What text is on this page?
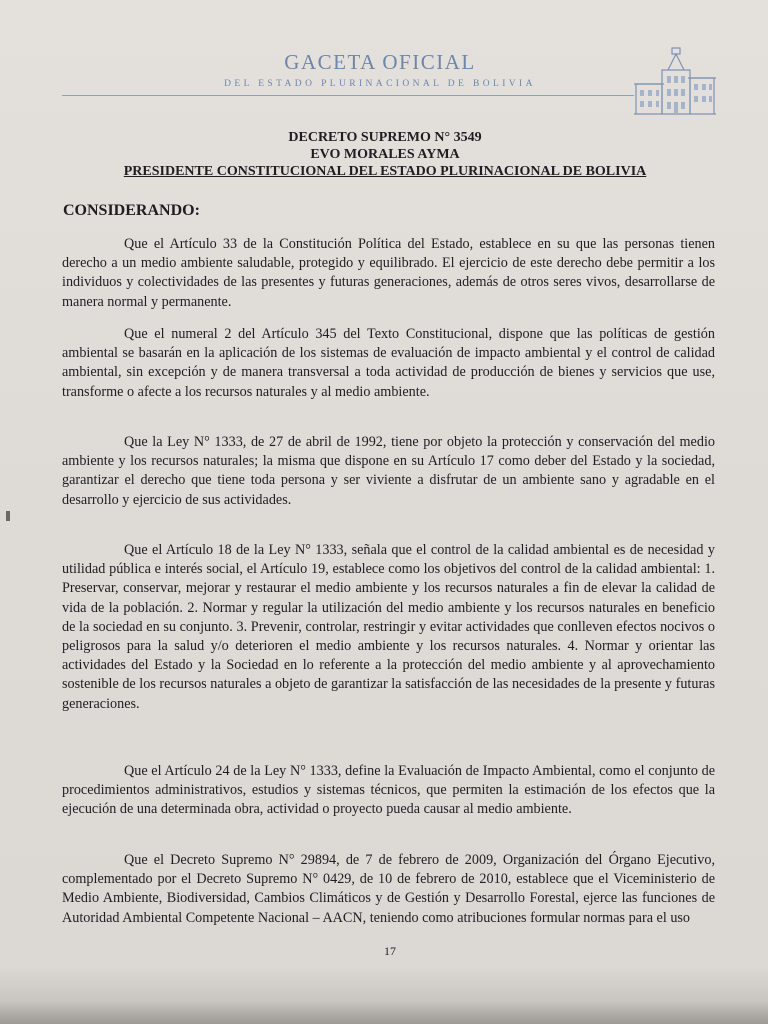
GACETA OFICIAL
DEL ESTADO PLURINACIONAL DE BOLIVIA
DECRETO SUPREMO N° 3549
EVO MORALES AYMA
PRESIDENTE CONSTITUCIONAL DEL ESTADO PLURINACIONAL DE BOLIVIA
CONSIDERANDO:

Que el Artículo 33 de la Constitución Política del Estado, establece en su que las personas tienen derecho a un medio ambiente saludable, protegido y equilibrado. El ejercicio de este derecho debe permitir a los individuos y colectividades de las presentes y futuras generaciones, además de otros seres vivos, desarrollarse de manera normal y permanente.

Que el numeral 2 del Artículo 345 del Texto Constitucional, dispone que las políticas de gestión ambiental se basarán en la aplicación de los sistemas de evaluación de impacto ambiental y el control de calidad ambiental, sin excepción y de manera transversal a toda actividad de producción de bienes y servicios que use, transforme o afecte a los recursos naturales y al medio ambiente.

Que la Ley N° 1333, de 27 de abril de 1992, tiene por objeto la protección y conservación del medio ambiente y los recursos naturales; la misma que dispone en su Artículo 17 como deber del Estado y la sociedad, garantizar el derecho que tiene toda persona y ser viviente a disfrutar de un ambiente sano y agradable en el desarrollo y ejercicio de sus actividades.

Que el Artículo 18 de la Ley N° 1333, señala que el control de la calidad ambiental es de necesidad y utilidad pública e interés social, el Artículo 19, establece como los objetivos del control de la calidad ambiental: 1. Preservar, conservar, mejorar y restaurar el medio ambiente y los recursos naturales a fin de elevar la calidad de vida de la población. 2. Normar y regular la utilización del medio ambiente y los recursos naturales en beneficio de la sociedad en su conjunto. 3. Prevenir, controlar, restringir y evitar actividades que conlleven efectos nocivos o peligrosos para la salud y/o deterioren el medio ambiente y los recursos naturales. 4. Normar y orientar las actividades del Estado y la Sociedad en lo referente a la protección del medio ambiente y al aprovechamiento sostenible de los recursos naturales a objeto de garantizar la satisfacción de las necesidades de la presente y futuras generaciones.

Que el Artículo 24 de la Ley N° 1333, define la Evaluación de Impacto Ambiental, como el conjunto de procedimientos administrativos, estudios y sistemas técnicos, que permiten la estimación de los efectos que la ejecución de una determinada obra, actividad o proyecto pueda causar al medio ambiente.

Que el Decreto Supremo N° 29894, de 7 de febrero de 2009, Organización del Órgano Ejecutivo, complementado por el Decreto Supremo N° 0429, de 10 de febrero de 2010, establece que el Viceministerio de Medio Ambiente, Biodiversidad, Cambios Climáticos y de Gestión y Desarrollo Forestal, ejerce las funciones de Autoridad Ambiental Competente Nacional – AACN, teniendo como atribuciones formular normas para el uso

17
